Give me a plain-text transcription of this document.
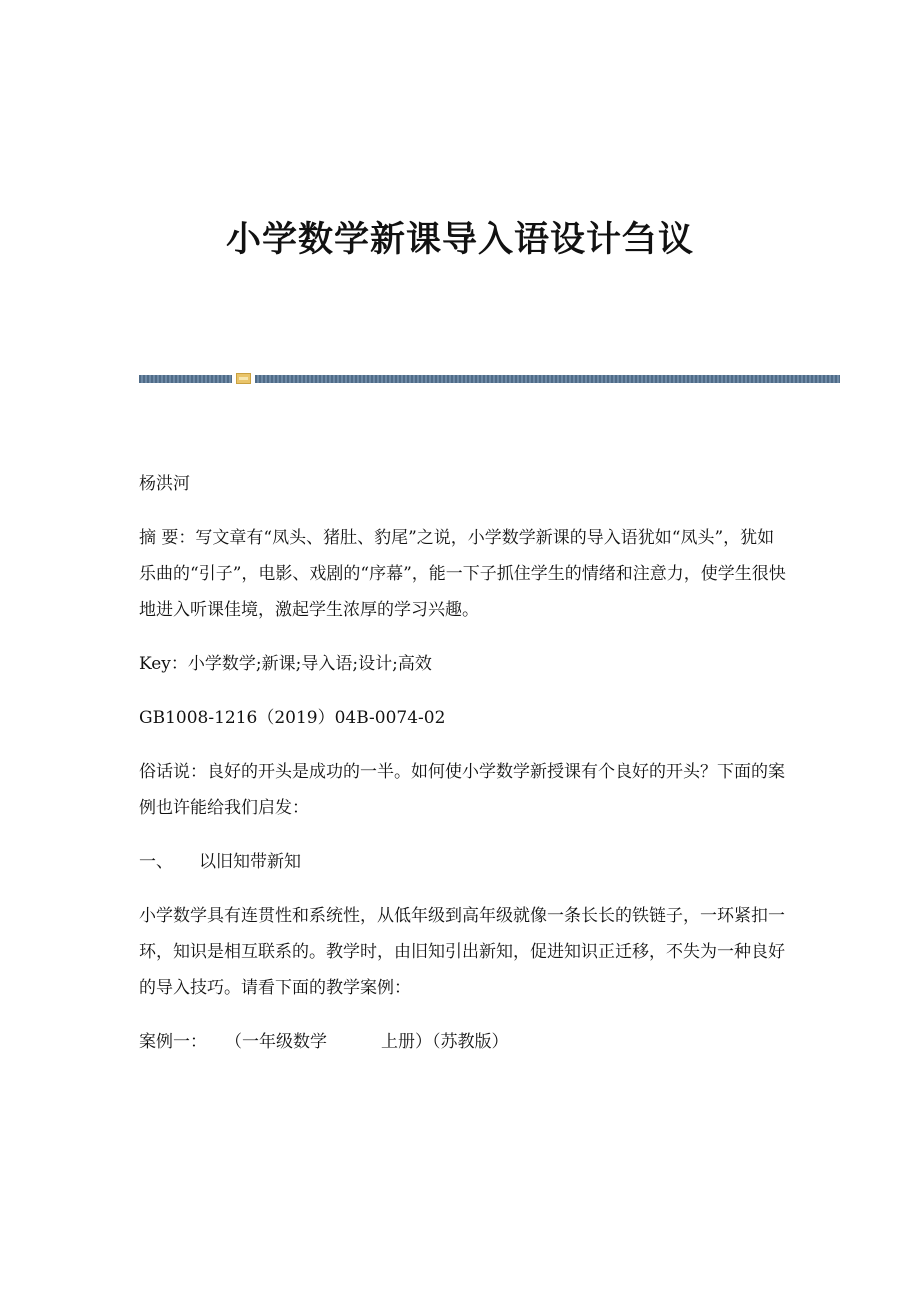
小学数学新课导入语设计刍议

杨洪河

摘 要：写文章有“凤头、猪肚、豹尾”之说，小学数学新课的导入语犹如“凤头”，犹如乐曲的“引子”，电影、戏剧的“序幕”，能一下子抓住学生的情绪和注意力，使学生很快地进入听课佳境，激起学生浓厚的学习兴趣。

Key：小学数学;新课;导入语;设计;高效

GB1008-1216（2019）04B-0074-02

俗话说：良好的开头是成功的一半。如何使小学数学新授课有个良好的开头？下面的案例也许能给我们启发：

一、 以旧知带新知

小学数学具有连贯性和系统性，从低年级到高年级就像一条长长的铁链子，一环紧扣一环，知识是相互联系的。教学时，由旧知引出新知，促进知识正迁移，不失为一种良好的导入技巧。请看下面的教学案例：

案例一： （一年级数学	上册）（苏教版）
